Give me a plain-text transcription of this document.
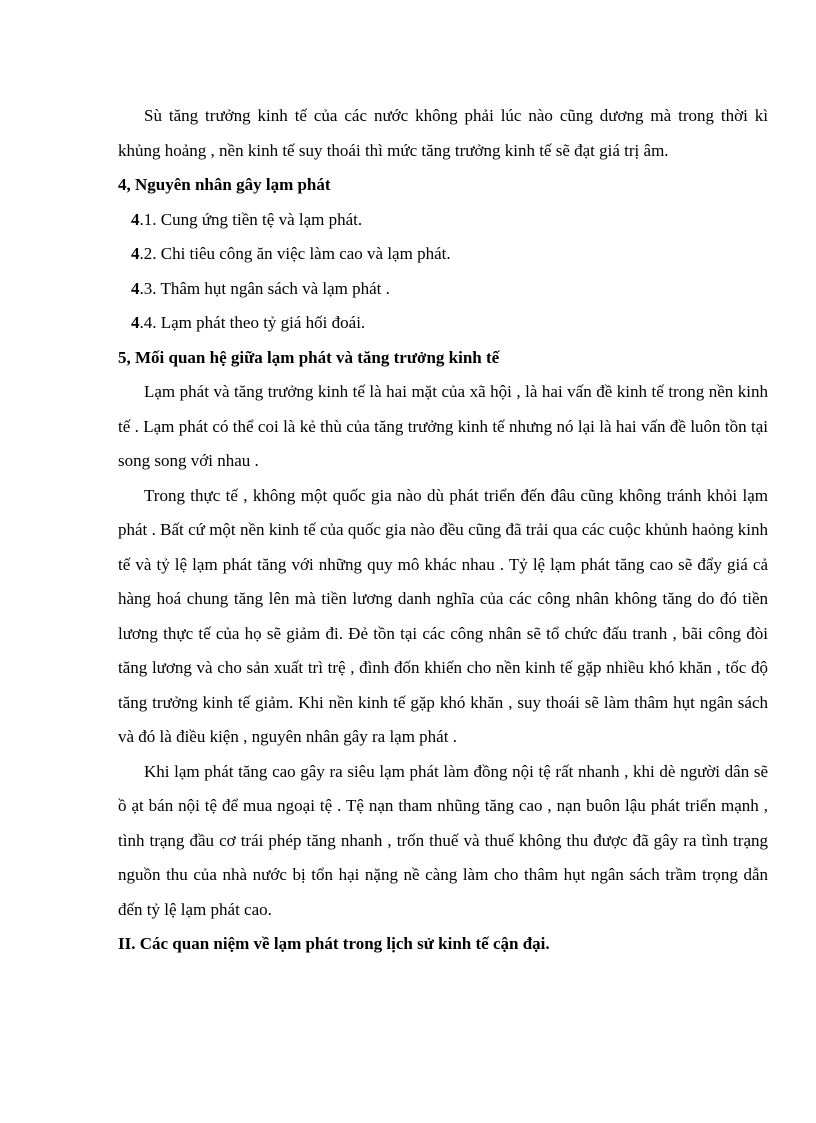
Sù tăng trưởng kinh tế của các nước không phải lúc nào cũng dương mà trong thời kì khủng hoảng , nền kinh tế suy thoái thì mức tăng trưởng kinh tế sẽ đạt giá trị âm.

4, Nguyên nhân gây lạm phát

4.1. Cung ứng tiền tệ và lạm phát.

4.2. Chi tiêu công ăn việc làm cao và lạm phát.

4.3. Thâm hụt ngân sách và lạm phát .

4.4. Lạm phát theo tỷ giá hối đoái.

5, Mối quan hệ giữa lạm phát và tăng trưởng kinh tế

Lạm phát và tăng trưởng kinh tế là hai mặt của xã hội , là hai vấn đề kinh tế trong nền kinh tế . Lạm phát có thể coi là kẻ thù của tăng trưởng kinh tế nhưng nó lại là hai vấn đề luôn tồn tại song song với nhau .

Trong thực tế , không một quốc gia nào dù phát triển đến đâu cũng không tránh khỏi lạm phát . Bất cứ một nền kinh tế của quốc gia nào đều cũng đã trải qua các cuộc khủnh haỏng kinh tế và tỷ lệ lạm phát tăng với những quy mô khác nhau . Tỷ lệ lạm phát tăng cao sẽ đẩy giá cả hàng hoá chung tăng lên mà tiền lương danh nghĩa của các công nhân không tăng do đó tiền lương thực tế của họ sẽ giảm đi. Đẻ tồn tại các công nhân sẽ tổ chức đấu tranh , bãi công đòi tăng lương và cho sản xuất trì trệ , đình đốn khiến cho nền kinh tế gặp nhiều khó khăn , tốc độ tăng trưởng kinh tế giảm. Khi nền kinh tế gặp khó khăn , suy thoái sẽ làm thâm hụt ngân sách và đó là điều kiện , nguyên nhân gây ra lạm phát .

Khi lạm phát tăng cao gây ra siêu lạm phát làm đồng nội tệ rất nhanh , khi dè người dân sẽ ồ ạt bán nội tệ để mua ngoại tệ . Tệ nạn tham nhũng tăng cao , nạn buôn lậu phát triển mạnh , tình trạng đầu cơ trái phép tăng nhanh , trốn thuế và thuế không thu được đã gây ra tình trạng nguồn thu của nhà nước bị tổn hại nặng nề càng làm cho thâm hụt ngân sách trầm trọng dẫn đến tỷ lệ lạm phát cao.

II. Các quan niệm về lạm phát trong lịch sử kinh tế cận đại.
